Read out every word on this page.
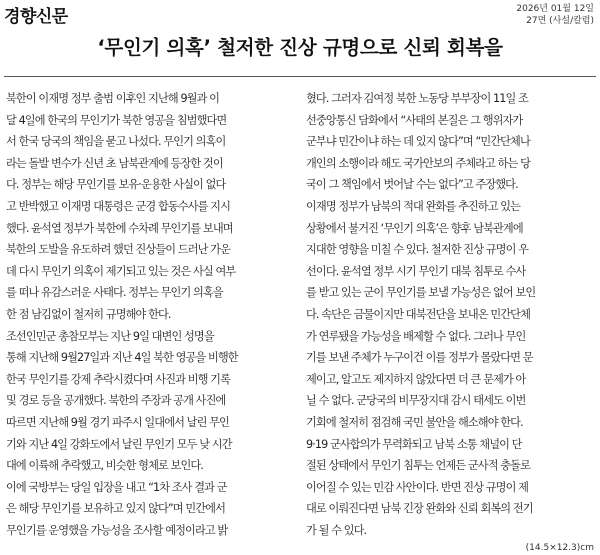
경향신문	2026년 01월 12일
27면 (사설/칼럼)
‘무인기 의혹’ 철저한 진상 규명으로 신뢰 회복을

북한이 이재명 정부 출범 이후인 지난해 9월과 이

달 4일에 한국의 무인기가 북한 영공을 침범했다면

서 한국 당국의 책임을 묻고 나섰다. 무인기 의혹이

라는 돌발 변수가 신년 초 남북관계에 등장한 것이

다. 정부는 해당 무인기를 보유·운용한 사실이 없다

고 반박했고 이재명 대통령은 군경 합동수사를 지시

했다. 윤석열 정부가 북한에 수차례 무인기를 보내며

북한의 도발을 유도하려 했던 진상들이 드러난 가운

데 다시 무인기 의혹이 제기되고 있는 것은 사실 여부

를 떠나 유감스러운 사태다. 정부는 무인기 의혹을

한 점 남김없이 철저히 규명해야 한다.

조선인민군 총참모부는 지난 9일 대변인 성명을

통해 지난해 9월27일과 지난 4일 북한 영공을 비행한

한국 무인기를 강제 추락시켰다며 사진과 비행 기록

및 경로 등을 공개했다. 북한의 주장과 공개 사진에

따르면 지난해 9월 경기 파주시 일대에서 날린 무인

기와 지난 4일 강화도에서 날린 무인기 모두 낮 시간

대에 이륙해 추락했고, 비슷한 형체로 보인다.

이에 국방부는 당일 입장을 내고 “1차 조사 결과 군

은 해당 무인기를 보유하고 있지 않다”며 민간에서

무인기를 운영했을 가능성을 조사할 예정이라고 밝

혔다. 그러자 김여정 북한 노동당 부부장이 11일 조

선중앙통신 담화에서 “사태의 본질은 그 행위자가

군부냐 민간이냐 하는 데 있지 않다”며 “민간단체나

개인의 소행이라 해도 국가안보의 주체라고 하는 당

국이 그 책임에서 벗어날 수는 없다”고 주장했다.

이재명 정부가 남북의 적대 완화를 추진하고 있는

상황에서 불거진 ‘무인기 의혹’은 향후 남북관계에

지대한 영향을 미칠 수 있다. 철저한 진상 규명이 우

선이다. 윤석열 정부 시기 무인기 대북 침투로 수사

를 받고 있는 군이 무인기를 보낼 가능성은 없어 보인

다. 속단은 금물이지만 대북전단을 보내온 민간단체

가 연루됐을 가능성을 배제할 수 없다. 그러나 무인

기를 보낸 주체가 누구이건 이를 정부가 몰랐다면 문

제이고, 알고도 제지하지 않았다면 더 큰 문제가 아

닐 수 없다. 군당국의 비무장지대 감시 태세도 이번

기회에 철저히 점검해 국민 불안을 해소해야 한다.

9·19 군사합의가 무력화되고 남북 소통 채널이 단

절된 상태에서 무인기 침투는 언제든 군사적 충돌로

이어질 수 있는 민감 사안이다. 반면 진상 규명이 제

대로 이뤄진다면 남북 긴장 완화와 신뢰 회복의 전기

가 될 수 있다.

(14.5×12.3)cm
